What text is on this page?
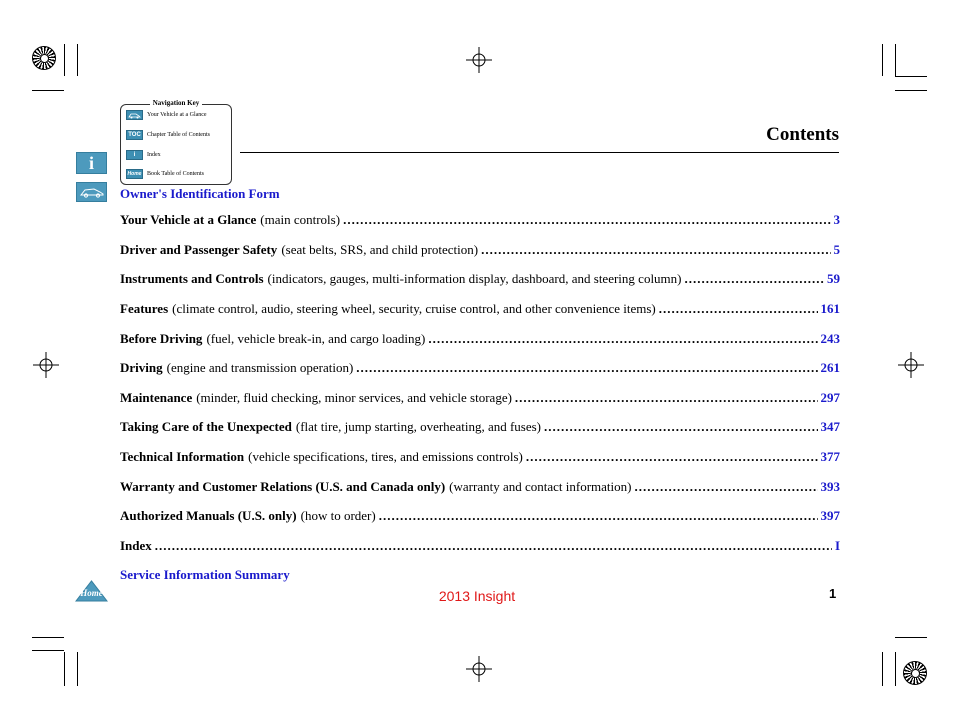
Navigation Key
Your Vehicle at a Glance
TOC	Chapter Table of Contents
i	Index
Home Book Table of Contents
i
Contents
Owner's Identification Form
Your Vehicle at a Glance (main controls) .....	3
Driver and Passenger Safety (seat belts, SRS, and child protection) .....	5
Instruments and Controls (indicators, gauges, multi-information display, dashboard, and steering column) .....	59
Features (climate control, audio, steering wheel, security, cruise control, and other convenience items) .....	161
Before Driving (fuel, vehicle break-in, and cargo loading) .....	243
Driving (engine and transmission operation) .....	261
Maintenance (minder, fluid checking, minor services, and vehicle storage) .....	297
Taking Care of the Unexpected (flat tire, jump starting, overheating, and fuses) .....	347
Technical Information (vehicle specifications, tires, and emissions controls) .....	377
Warranty and Customer Relations (U.S. and Canada only) (warranty and contact information) .....	393
Authorized Manuals (U.S. only) (how to order) .....	397
Index .....	I
Service Information Summary
Home	2013 Insight	1
